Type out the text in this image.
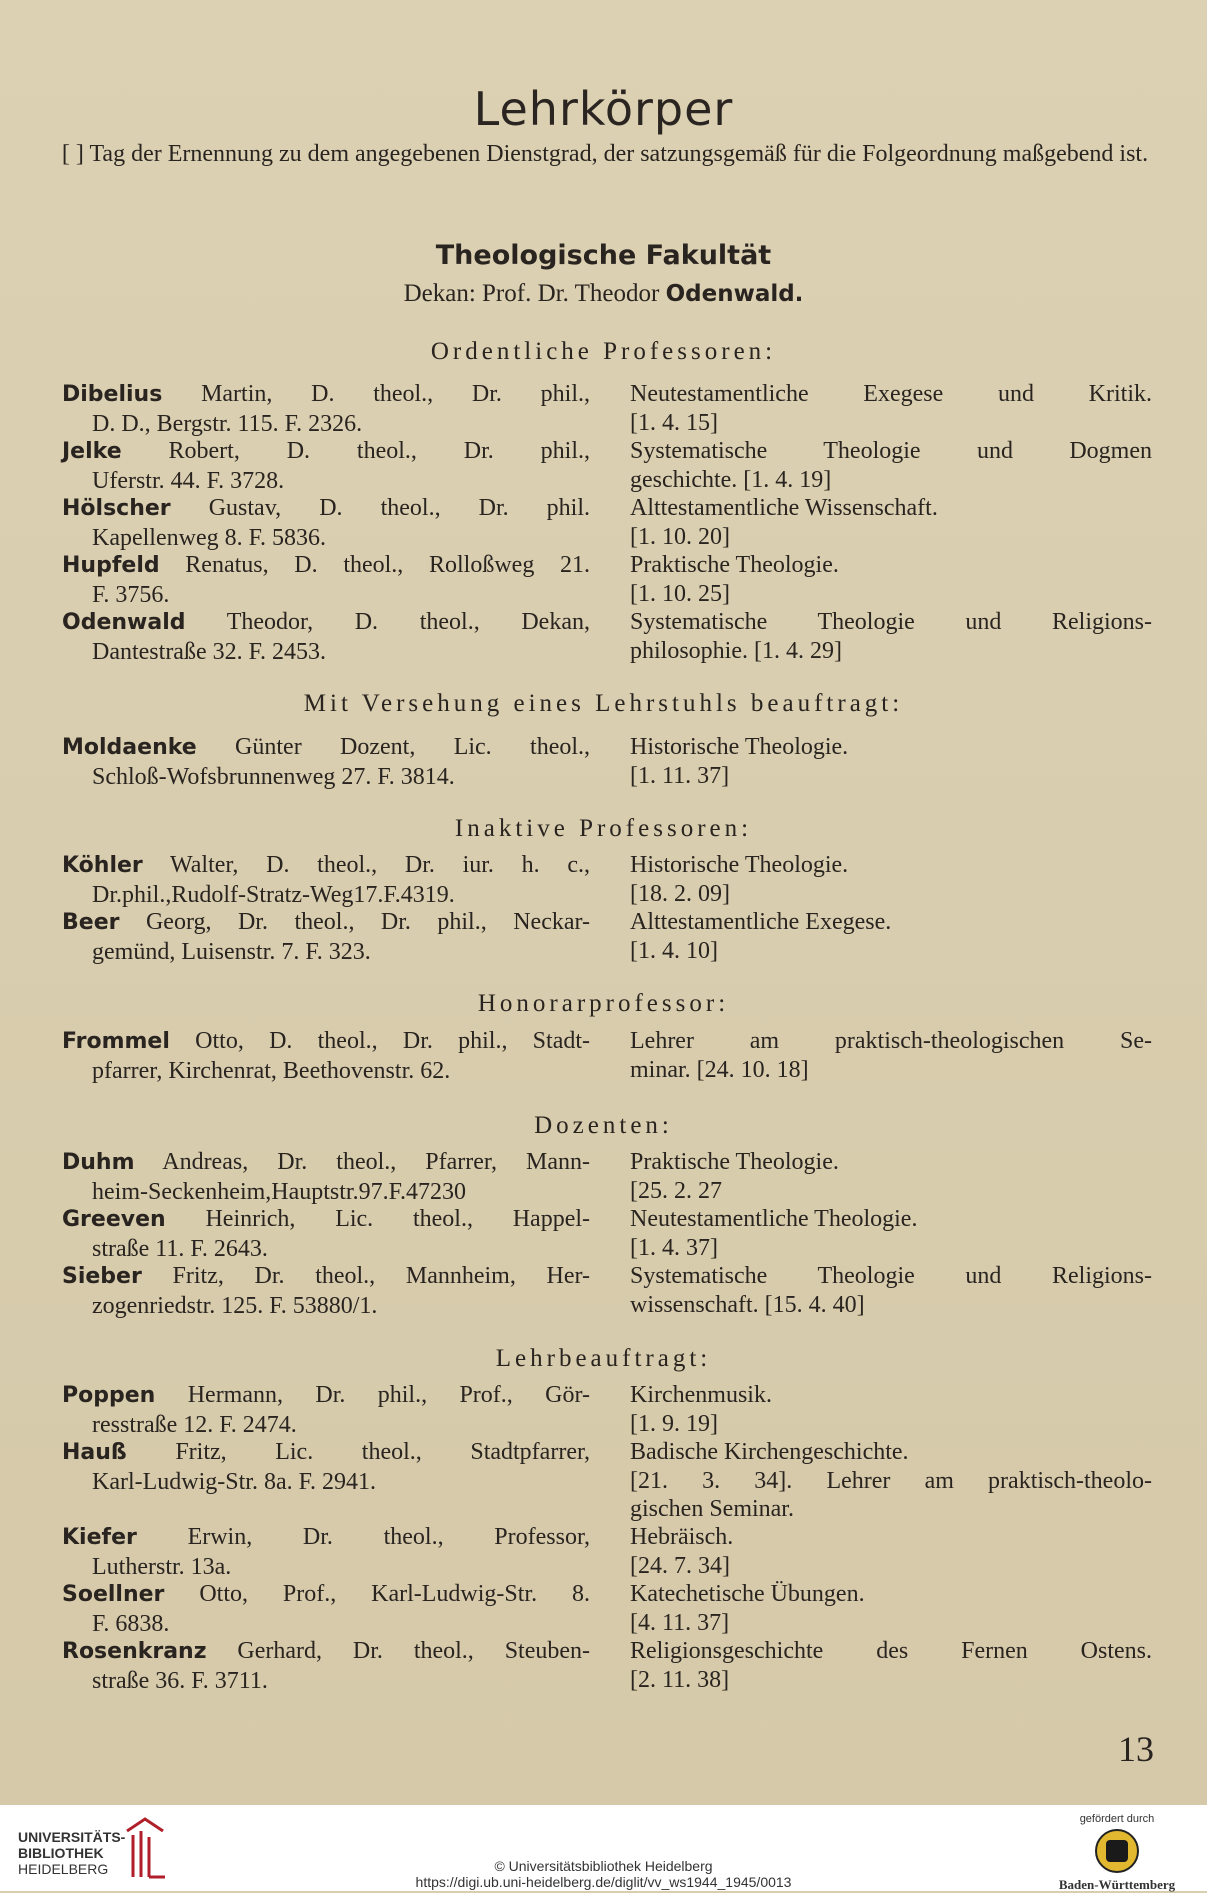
Lehrkörper
[ ] Tag der Ernennung zu dem angegebenen Dienstgrad, der satzungsgemäß für die Folgeordnung maßgebend ist.
Theologische Fakultät
Dekan: Prof. Dr. Theodor Odenwald.
Ordentliche Professoren:
Dibelius Martin, D. theol., Dr. phil.,
D. D., Bergstr. 115. F. 2326.
Neutestamentliche Exegese und Kritik.
[1. 4. 15]
Jelke Robert, D. theol., Dr. phil.,
Uferstr. 44. F. 3728.
Systematische Theologie und Dogmen
geschichte. [1. 4. 19]
Hölscher Gustav, D. theol., Dr. phil.
Kapellenweg 8. F. 5836.
Alttestamentliche Wissenschaft.
[1. 10. 20]
Hupfeld Renatus, D. theol., Rolloßweg 21.
F. 3756.
Praktische Theologie.
[1. 10. 25]
Odenwald Theodor, D. theol., Dekan,
Dantestraße 32. F. 2453.
Systematische Theologie und Religions-
philosophie. [1. 4. 29]
Mit Versehung eines Lehrstuhls beauftragt:
Moldaenke Günter Dozent, Lic. theol.,
Schloß-Wofsbrunnenweg 27. F. 3814.
Historische Theologie.
[1. 11. 37]
Inaktive Professoren:
Köhler Walter, D. theol., Dr. iur. h. c.,
Dr.phil.,Rudolf-Stratz-Weg17.F.4319.
Historische Theologie.
[18. 2. 09]
Beer Georg, Dr. theol., Dr. phil., Neckar-
gemünd, Luisenstr. 7. F. 323.
Alttestamentliche Exegese.
[1. 4. 10]
Honorarprofessor:
Frommel Otto, D. theol., Dr. phil., Stadt-
pfarrer, Kirchenrat, Beethovenstr. 62.
Lehrer am praktisch-theologischen Se-
minar. [24. 10. 18]
Dozenten:
Duhm Andreas, Dr. theol., Pfarrer, Mann-
heim-Seckenheim,Hauptstr.97.F.47230
Praktische Theologie.
[25. 2. 27
Greeven Heinrich, Lic. theol., Happel-
straße 11. F. 2643.
Neutestamentliche Theologie.
[1. 4. 37]
Sieber Fritz, Dr. theol., Mannheim, Her-
zogenriedstr. 125. F. 53880/1.
Systematische Theologie und Religions-
wissenschaft. [15. 4. 40]
Lehrbeauftragt:
Poppen Hermann, Dr. phil., Prof., Gör-
resstraße 12. F. 2474.
Kirchenmusik.
[1. 9. 19]
Hauß Fritz, Lic. theol., Stadtpfarrer,
Karl-Ludwig-Str. 8a. F. 2941.
Badische Kirchengeschichte.
[21. 3. 34]. Lehrer am praktisch-theolo-
gischen Seminar.
Kiefer Erwin, Dr. theol., Professor,
Lutherstr. 13a.
Hebräisch.
[24. 7. 34]
Soellner Otto, Prof., Karl-Ludwig-Str. 8.
F. 6838.
Katechetische Übungen.
[4. 11. 37]
Rosenkranz Gerhard, Dr. theol., Steuben-
straße 36. F. 3711.
Religionsgeschichte des Fernen Ostens.
[2. 11. 38]
13
UNIVERSITÄTS-
BIBLIOTHEK
HEIDELBERG	© Universitätsbibliothek Heidelberg
https://digi.ub.uni-heidelberg.de/diglit/vv_ws1944_1945/0013
gefördert durch
Baden-Württemberg
